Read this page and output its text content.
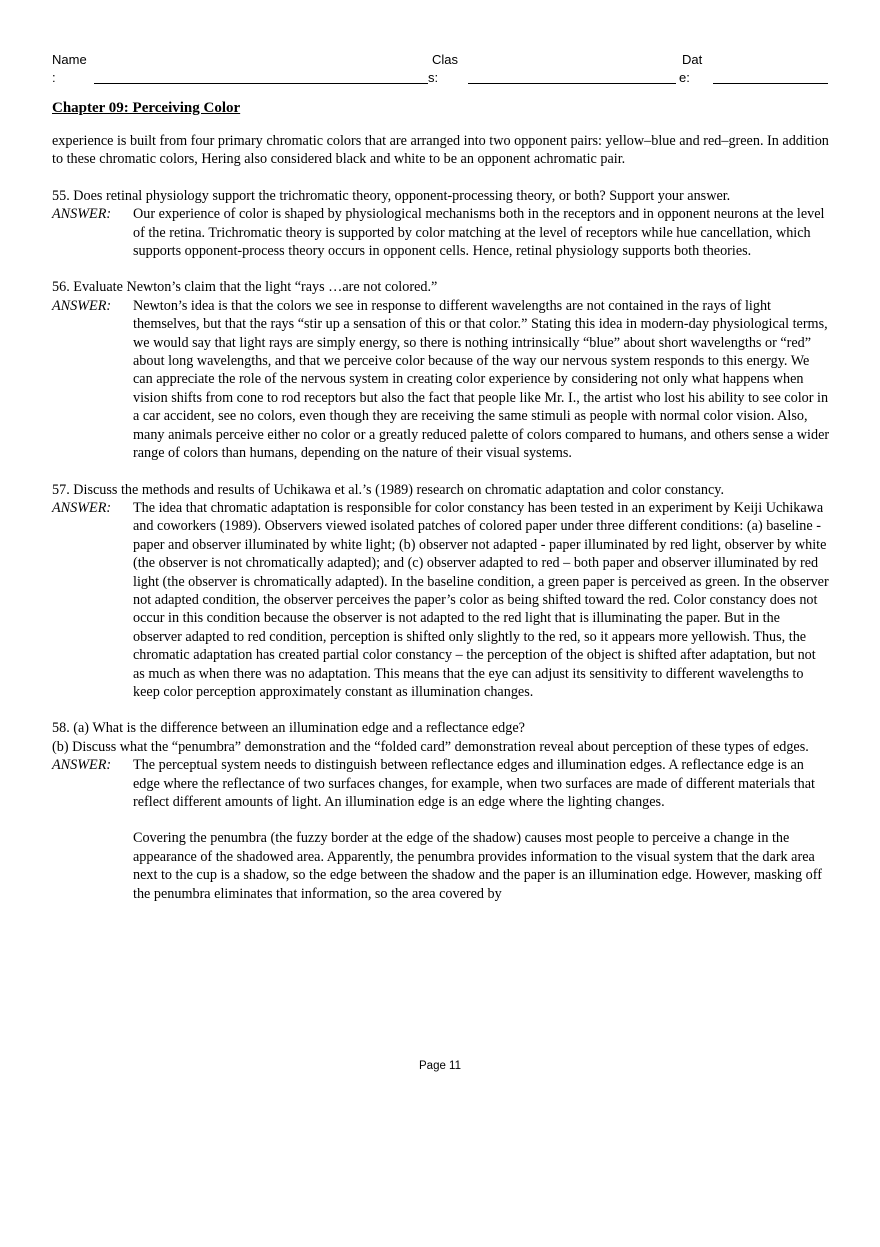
Name
:
Clas
s:
Dat
e:
Chapter 09: Perceiving Color

experience is built from four primary chromatic colors that are arranged into two opponent pairs: yellow–blue and red–green. In addition to these chromatic colors, Hering also considered black and white to be an opponent achromatic pair.

55. Does retinal physiology support the trichromatic theory, opponent-processing theory, or both? Support your answer.

ANSWER:	Our experience of color is shaped by physiological mechanisms both in the receptors and in opponent neurons at the level of the retina. Trichromatic theory is supported by color matching at the level of receptors while hue cancellation, which supports opponent-process theory occurs in opponent cells. Hence, retinal physiology supports both theories.

56. Evaluate Newton’s claim that the light “rays …are not colored.”

ANSWER:	Newton’s idea is that the colors we see in response to different wavelengths are not contained in the rays of light themselves, but that the rays “stir up a sensation of this or that color.” Stating this idea in modern-day physiological terms, we would say that light rays are simply energy, so there is nothing intrinsically “blue” about short wavelengths or “red” about long wavelengths, and that we perceive color because of the way our nervous system responds to this energy. We can appreciate the role of the nervous system in creating color experience by considering not only what happens when vision shifts from cone to rod receptors but also the fact that people like Mr. I., the artist who lost his ability to see color in a car accident, see no colors, even though they are receiving the same stimuli as people with normal color vision. Also, many animals perceive either no color or a greatly reduced palette of colors compared to humans, and others sense a wider range of colors than humans, depending on the nature of their visual systems.

57. Discuss the methods and results of Uchikawa et al.’s (1989) research on chromatic adaptation and color constancy.

ANSWER:	The idea that chromatic adaptation is responsible for color constancy has been tested in an experiment by Keiji Uchikawa and coworkers (1989). Observers viewed isolated patches of colored paper under three different conditions: (a) baseline - paper and observer illuminated by white light; (b) observer not adapted - paper illuminated by red light, observer by white (the observer is not chromatically adapted); and (c) observer adapted to red – both paper and observer illuminated by red light (the observer is chromatically adapted). In the baseline condition, a green paper is perceived as green. In the observer not adapted condition, the observer perceives the paper’s color as being shifted toward the red. Color constancy does not occur in this condition because the observer is not adapted to the red light that is illuminating the paper. But in the observer adapted to red condition, perception is shifted only slightly to the red, so it appears more yellowish. Thus, the chromatic adaptation has created partial color constancy – the perception of the object is shifted after adaptation, but not as much as when there was no adaptation. This means that the eye can adjust its sensitivity to different wavelengths to keep color perception approximately constant as illumination changes.

58. (a) What is the difference between an illumination edge and a reflectance edge?

(b) Discuss what the “penumbra” demonstration and the “folded card” demonstration reveal about perception of these types of edges.

ANSWER:	The perceptual system needs to distinguish between reflectance edges and illumination edges. A reflectance edge is an edge where the reflectance of two surfaces changes, for example, when two surfaces are made of different materials that reflect different amounts of light. An illumination edge is an edge where the lighting changes.

Covering the penumbra (the fuzzy border at the edge of the shadow) causes most people to perceive a change in the appearance of the shadowed area. Apparently, the penumbra provides information to the visual system that the dark area next to the cup is a shadow, so the edge between the shadow and the paper is an illumination edge. However, masking off the penumbra eliminates that information, so the area covered by

Page 11
